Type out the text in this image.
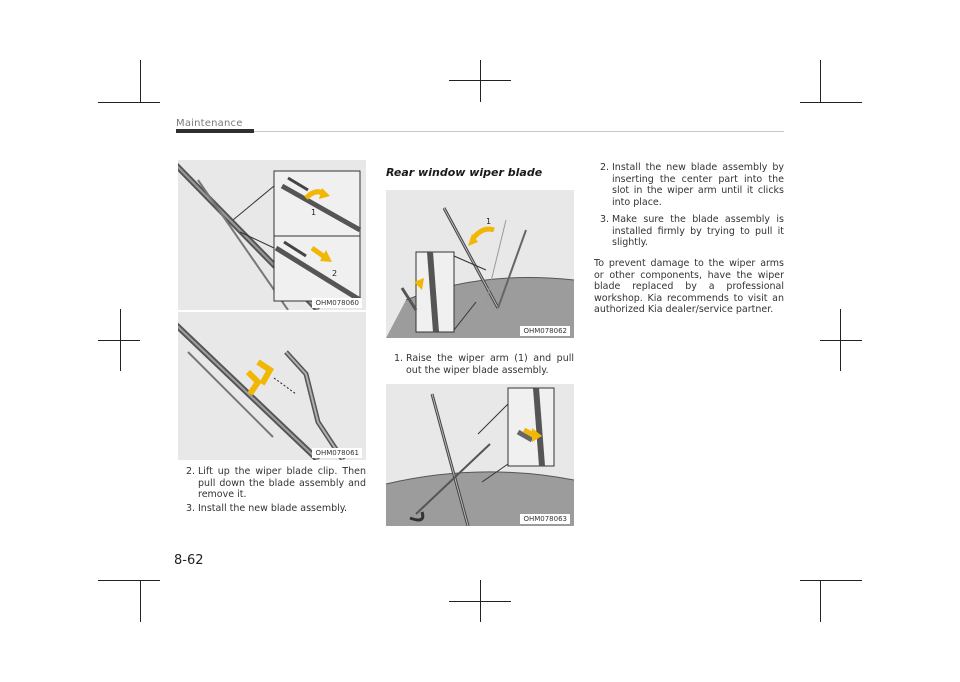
Maintenance
1
2
OHM078060
OHM078061
2. Lift up the wiper blade clip. Then pull down the blade assembly and remove it.
3. Install the new blade assembly.
Rear window wiper blade
1
OHM078062
1. Raise the wiper arm (1) and pull out the wiper blade assembly.
OHM078063
2. Install the new blade assembly by inserting the center part into the slot in the wiper arm until it clicks into place.
3. Make sure the blade assembly is installed firmly by trying to pull it slightly.
To prevent damage to the wiper arms or other components, have the wiper blade replaced by a professional workshop. Kia recommends to visit an authorized Kia dealer/service partner.
8-62
